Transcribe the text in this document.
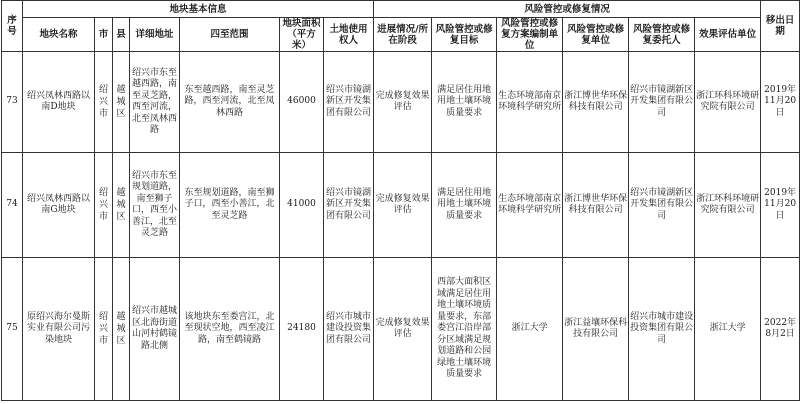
序号	地块基本信息							风险管控或修复情况						移出日期
	地块名称	市	县	详细地址	四至范围	地块面积（平方米）	土地使用权人	进展情况/所在阶段	风险管控或修复目标	风险管控或修复方案编制单位	风险管控或修复单位	风险管控或修复委托人	效果评估单位	
73	绍兴凤林西路以南D地块	绍兴市	越城区	绍兴市东至越西路，南至灵芝路，西至河流，北至凤林西路	东至越西路，南至灵芝路，西至河流，北至凤林西路	46000	绍兴市镜湖新区开发集团有限公司	完成修复效果评估	满足居住用地用地土壤环境质量要求	生态环境部南京环境科学研究所	浙江博世华环保科技有限公司	绍兴市镜湖新区开发集团有限公司	浙江环科环境研究院有限公司	2019年11月20日
74	绍兴凤林西路以南G地块	绍兴市	越城区	绍兴市东至规划道路，南至狮子口，西至小善江，北至灵芝路	东至规划道路，南至狮子口，西至小善江，北至灵芝路	41000	绍兴市镜湖新区开发集团有限公司	完成修复效果评估	满足居住用地用地土壤环境质量要求	生态环境部南京环境科学研究所	浙江博世华环保科技有限公司	绍兴市镜湖新区开发集团有限公司	浙江环科环境研究院有限公司	2019年11月20日
75	原绍兴海尔曼斯实业有限公司污染地块	绍兴市	越城区	绍兴市越城区北海街道山河村鹤镜路北侧	该地块东至娄宫江，北至现状空地，西至凌江路，南至鹤镜路	24180	绍兴市城市建设投资集团有限公司	完成修复效果评估	西部大面积区域满足居住用地土壤环境质量要求，东部娄宫江沿岸部分区域满足规划道路和公园绿地土壤环境质量要求	浙江大学	浙江益壤环保科技有限公司	绍兴市城市建设投资集团有限公司	浙江大学	2022年8月2日
